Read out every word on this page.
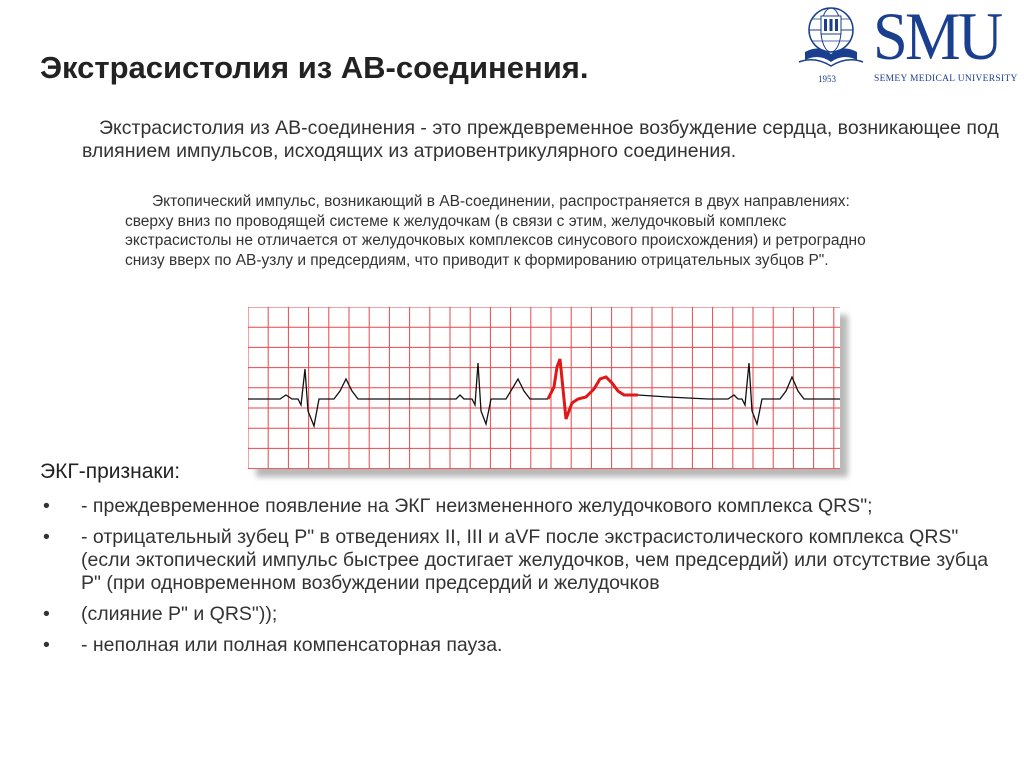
Экстрасистолия из АВ-соединения.	1953
SMU
SEMEY MEDICAL UNIVERSITY

Экстрасистолия из АВ-соединения - это преждевременное возбуждение сердца, возникающее под влиянием импульсов, исходящих из атриовентрикулярного соединения.

Эктопический импульс, возникающий в АВ-соединении, распространяется в двух направлениях: сверху вниз по проводящей системе к желудочкам (в связи с этим, желудочковый комплекс экстрасистолы не отличается от желудочковых комплексов синусового происхождения) и ретроградно снизу вверх по АВ-узлу и предсердиям, что приводит к формированию отрицательных зубцов Р".

ЭКГ-признаки:

• - преждевременное появление на ЭКГ неизмененного желудочкового комплекса QRS";
• - отрицательный зубец Р" в отведениях II, III и aVF после экстрасистолического комплекса QRS" (если эктопический импульс быстрее достигает желудочков, чем предсердий) или отсутствие зубца Р" (при одновременном возбуждении предсердий и желудочков
• (слияние Р" и QRS"));
• - неполная или полная компенсаторная пауза.
